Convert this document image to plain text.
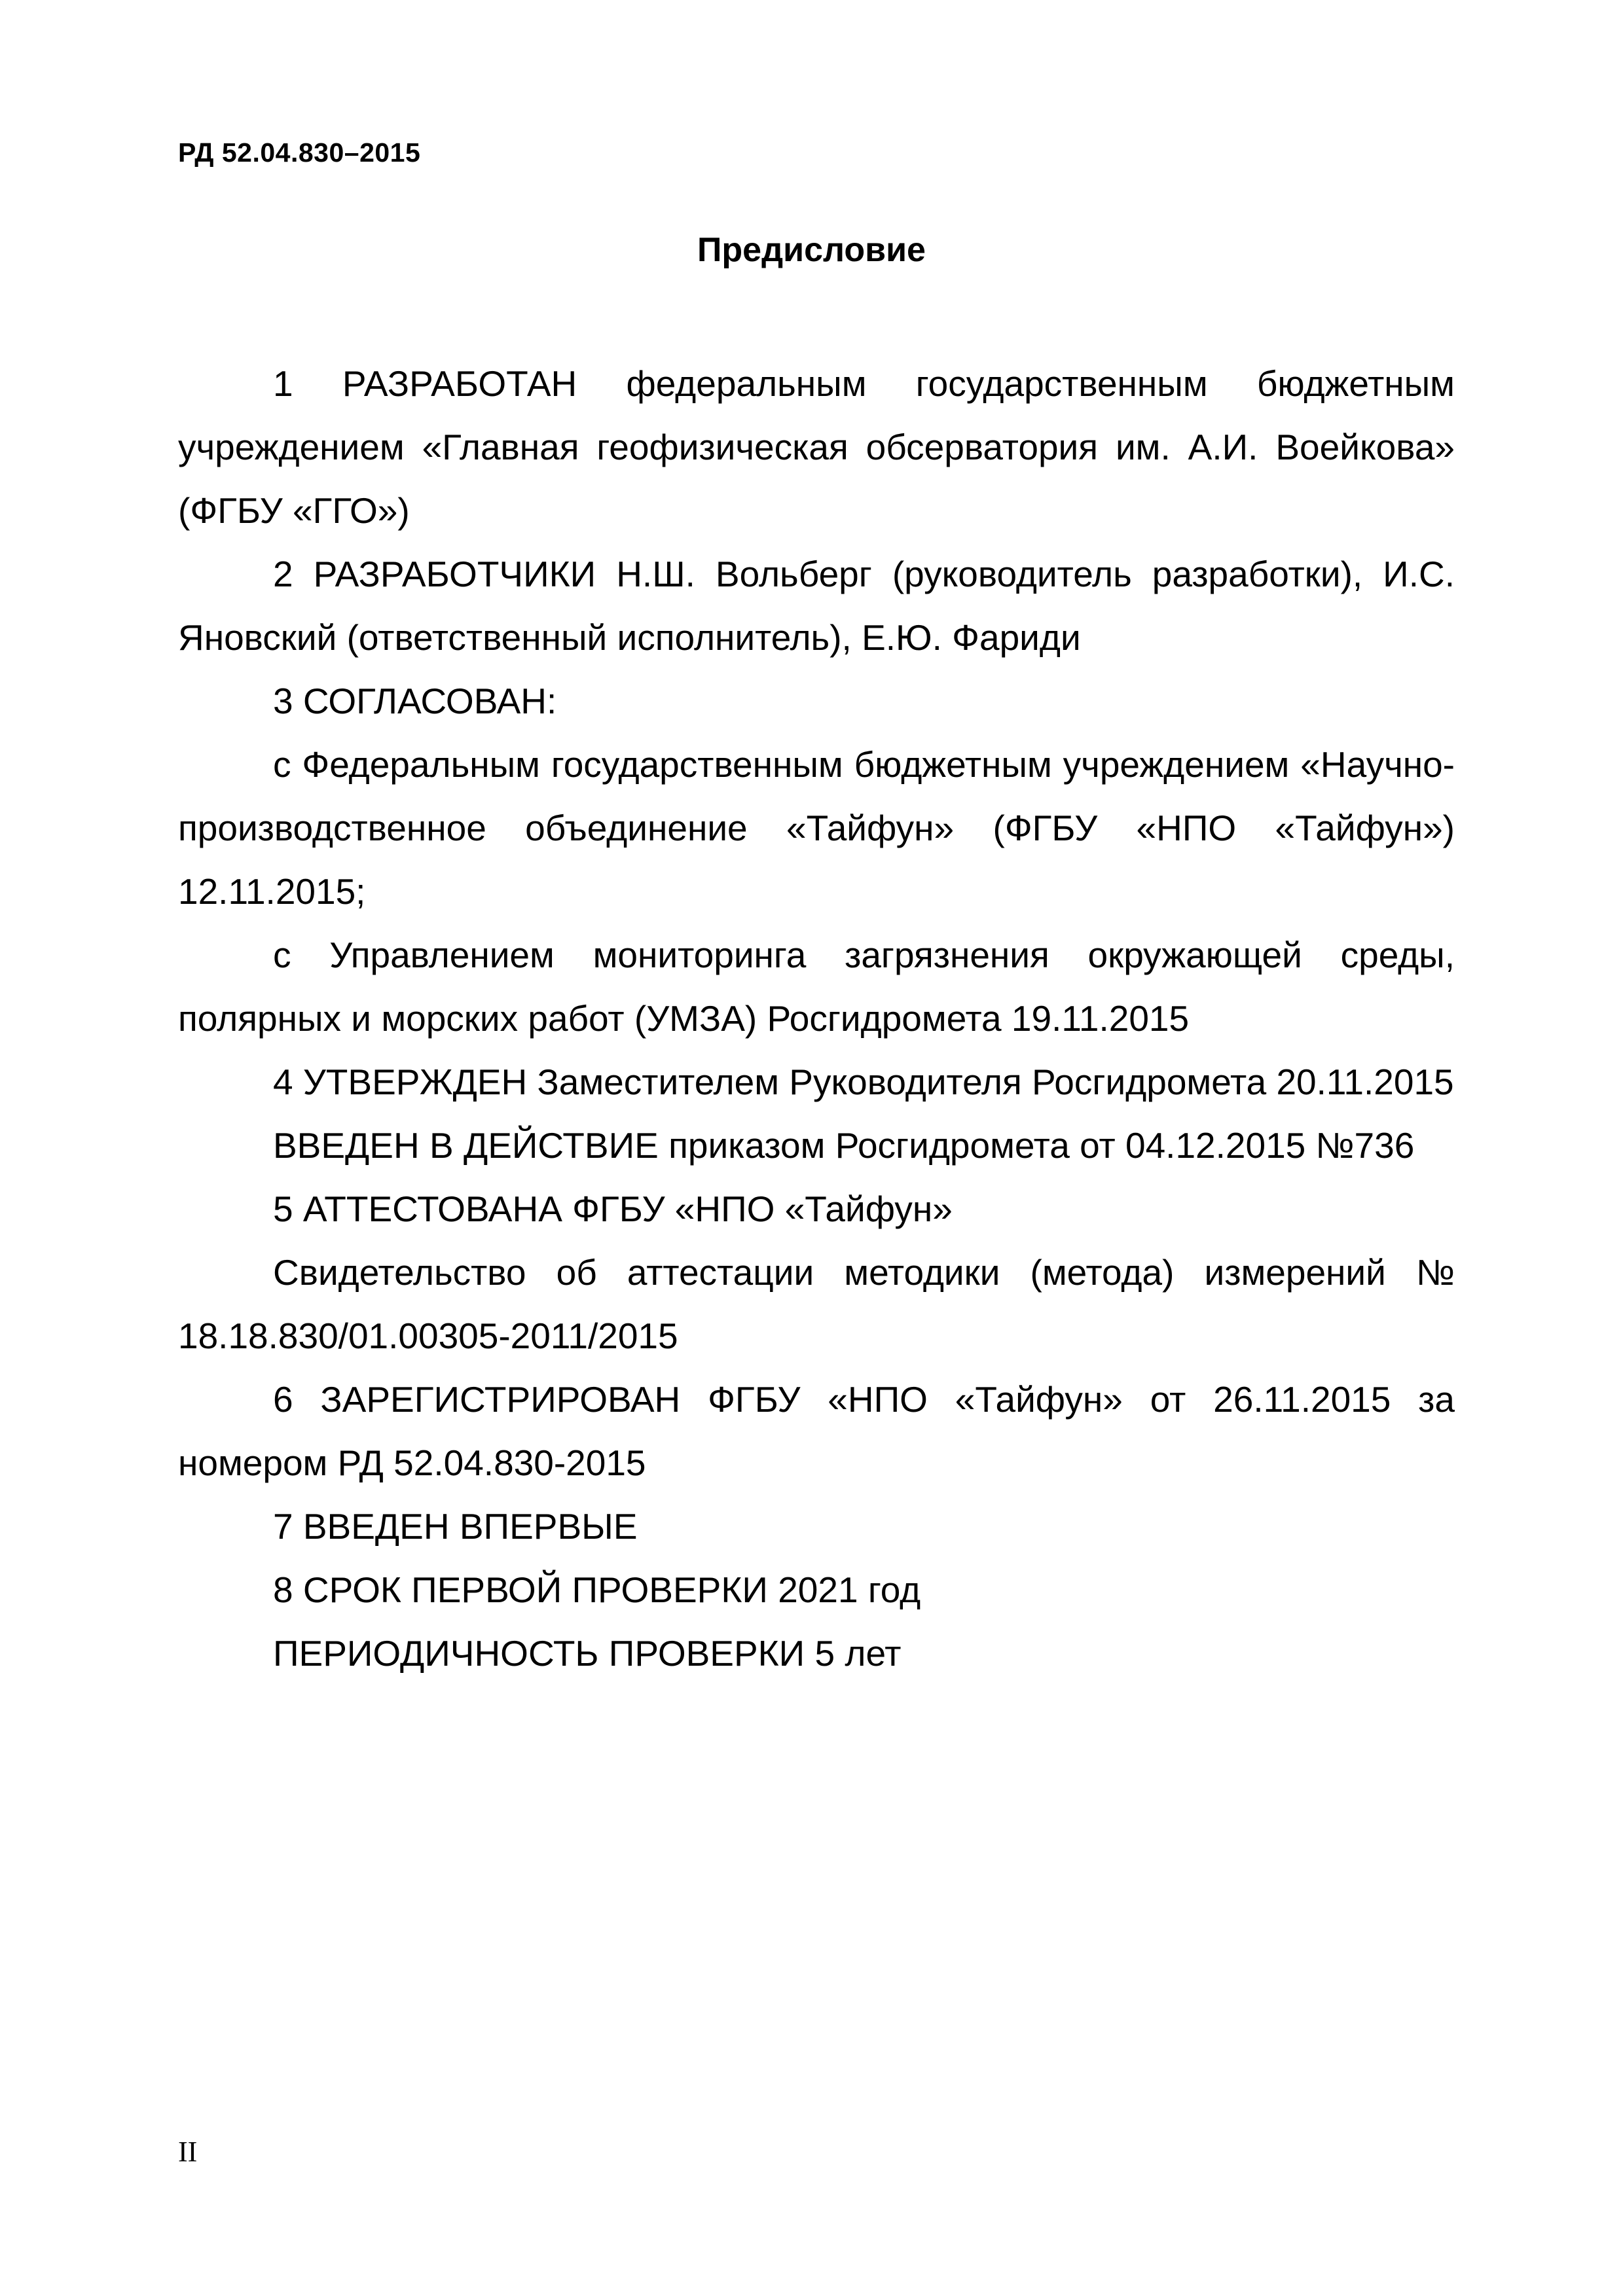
РД 52.04.830–2015
Предисловие

1 РАЗРАБОТАН федеральным государственным бюджетным учреждением «Главная геофизическая обсерватория им. А.И. Воейкова» (ФГБУ «ГГО»)

2 РАЗРАБОТЧИКИ Н.Ш. Вольберг (руководитель разработки), И.С. Яновский (ответственный исполнитель), Е.Ю. Фариди

3 СОГЛАСОВАН:

с Федеральным государственным бюджетным учреждением «Научно-производственное объединение «Тайфун» (ФГБУ «НПО «Тайфун») 12.11.2015;

с Управлением мониторинга загрязнения окружающей среды, полярных и морских работ (УМЗА) Росгидромета 19.11.2015

4 УТВЕРЖДЕН Заместителем Руководителя Росгидромета 20.11.2015

ВВЕДЕН В ДЕЙСТВИЕ приказом Росгидромета от 04.12.2015 №736

5 АТТЕСТОВАНА ФГБУ «НПО «Тайфун»

Свидетельство об аттестации методики (метода) измерений № 18.18.830/01.00305-2011/2015

6 ЗАРЕГИСТРИРОВАН ФГБУ «НПО «Тайфун» от 26.11.2015 за номером РД 52.04.830-2015

7 ВВЕДЕН ВПЕРВЫЕ

8 СРОК ПЕРВОЙ ПРОВЕРКИ 2021 год

ПЕРИОДИЧНОСТЬ ПРОВЕРКИ 5 лет

II
